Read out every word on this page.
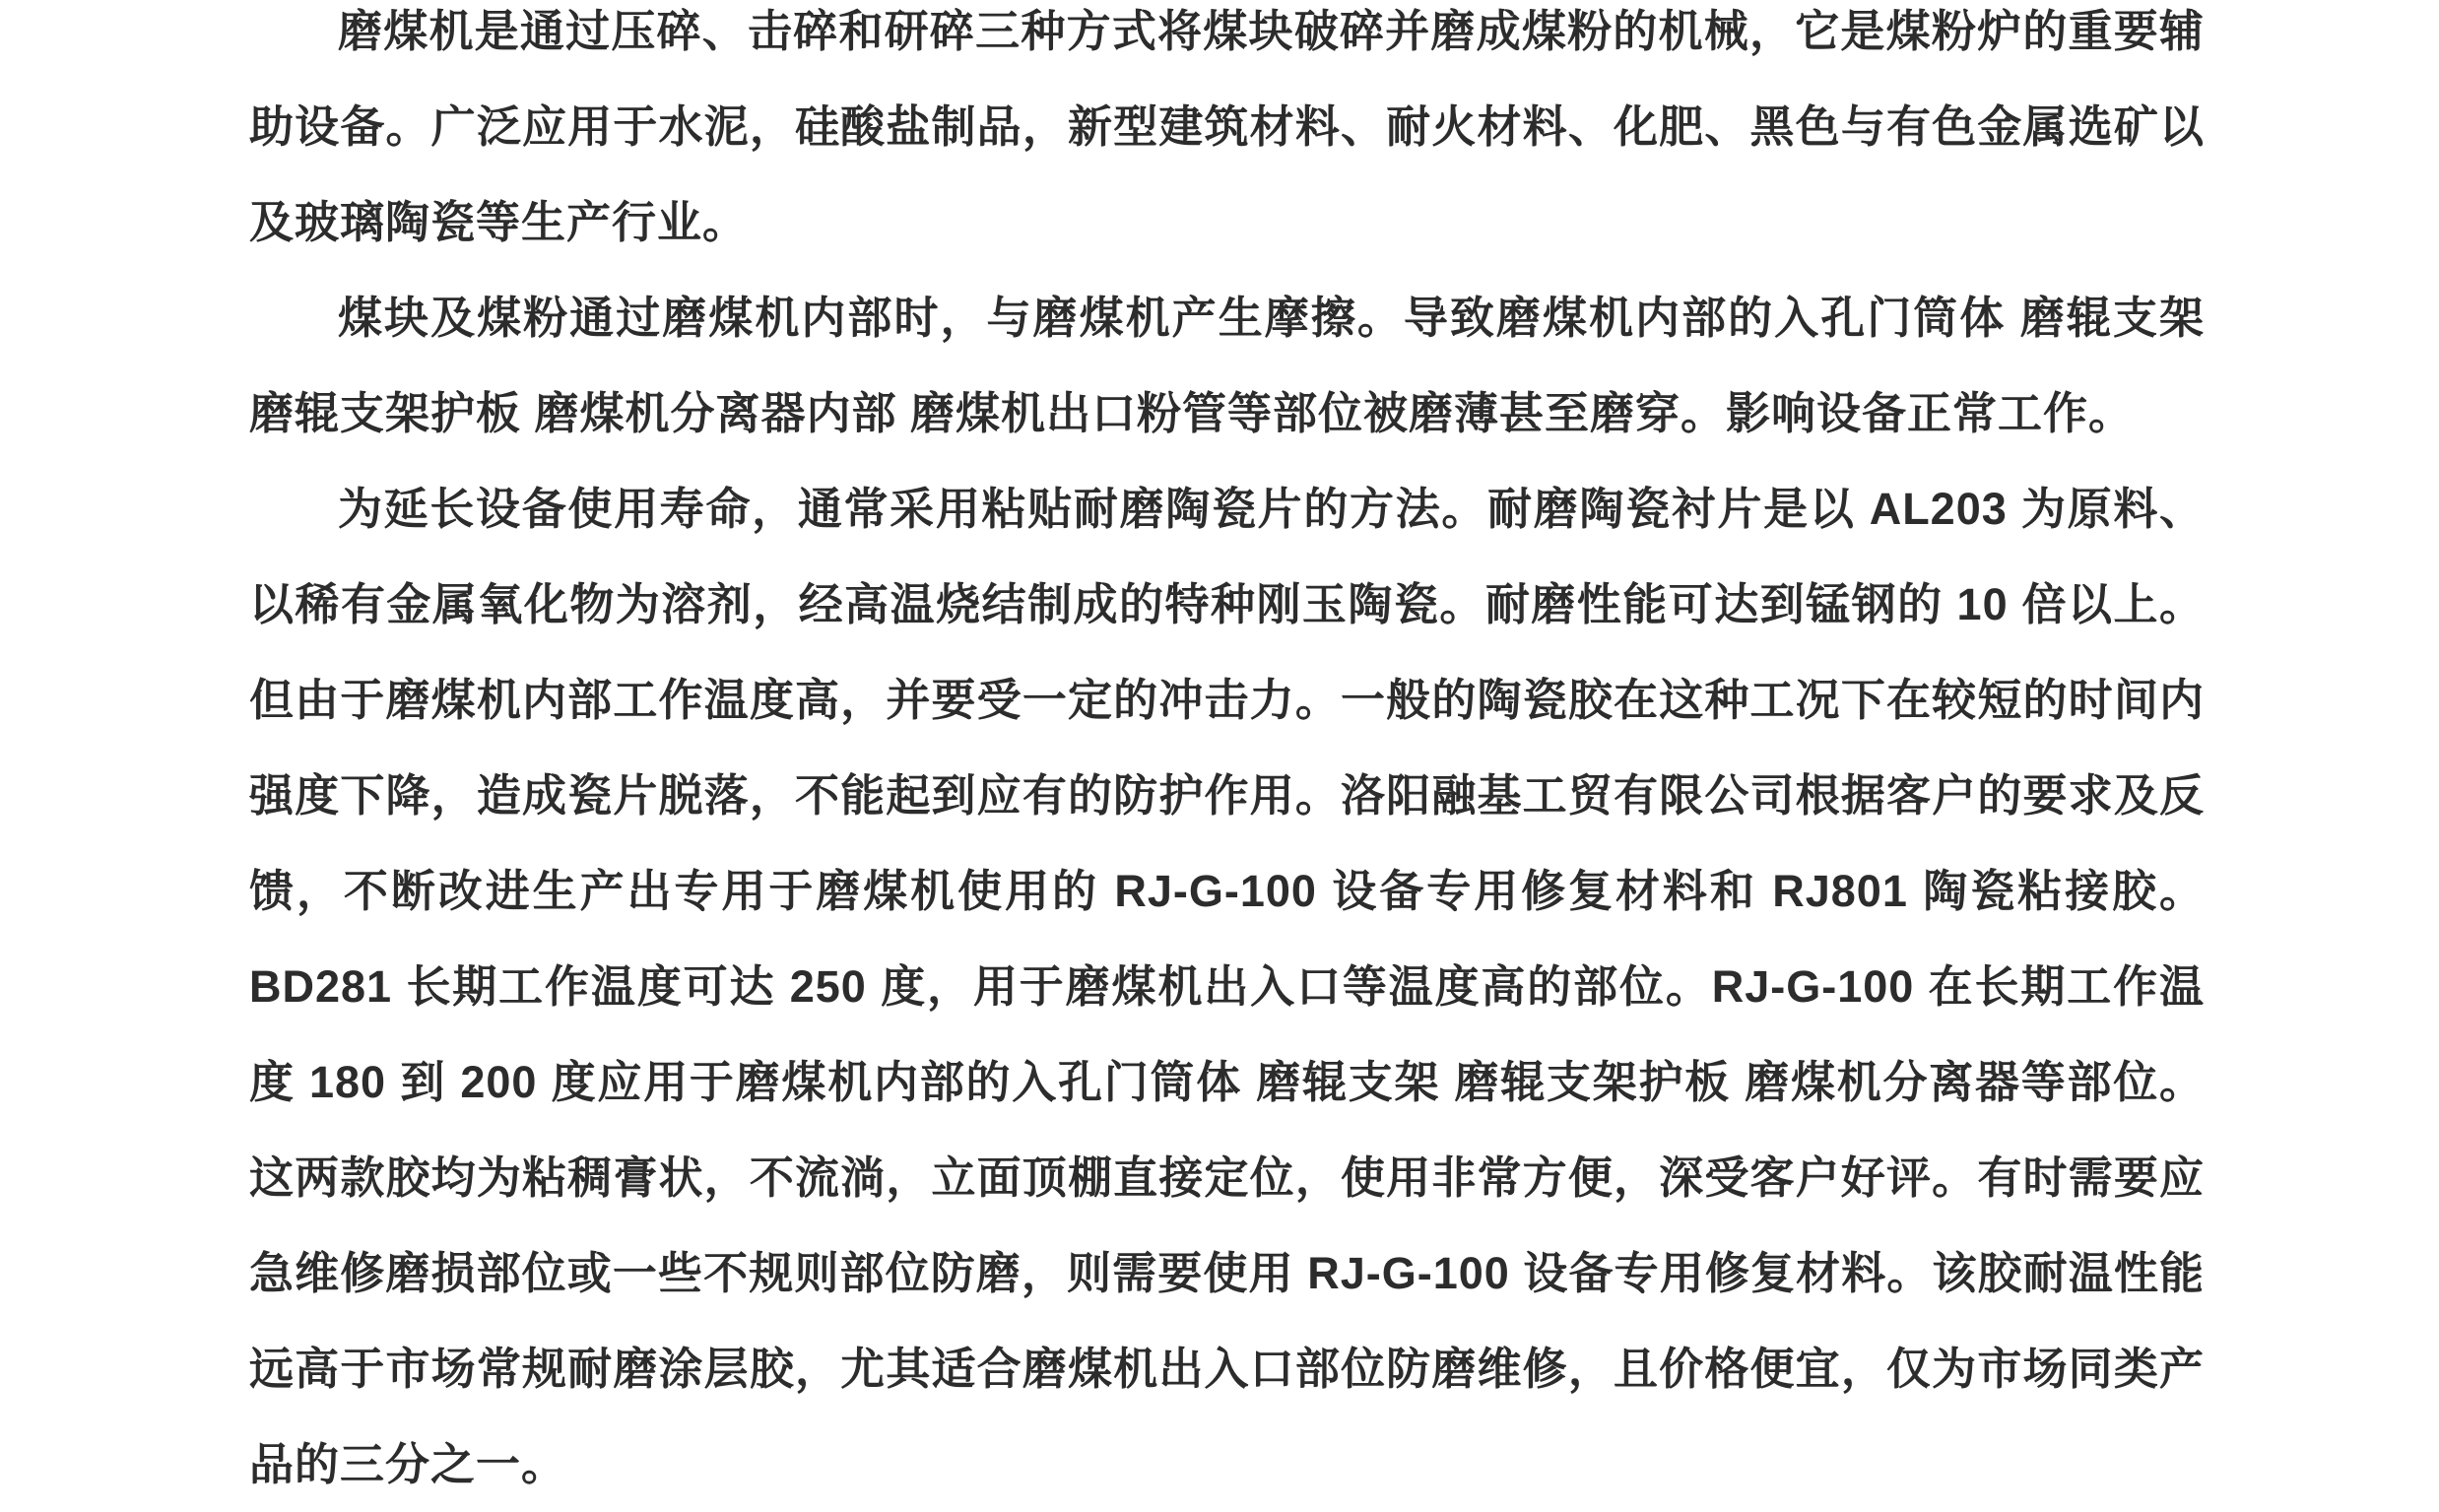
磨煤机是通过压碎、击碎和研碎三种方式将煤块破碎并磨成煤粉的机械，它是煤粉炉的重要辅助设备。广泛应用于水泥，硅酸盐制品，新型建筑材料、耐火材料、化肥、黑色与有色金属选矿以及玻璃陶瓷等生产行业。

煤块及煤粉通过磨煤机内部时，与磨煤机产生摩擦。导致磨煤机内部的入孔门筒体 磨辊支架 磨辊支架护板 磨煤机分离器内部 磨煤机出口粉管等部位被磨薄甚至磨穿。影响设备正常工作。

为延长设备使用寿命，通常采用粘贴耐磨陶瓷片的方法。耐磨陶瓷衬片是以 AL203 为原料、以稀有金属氧化物为溶剂，经高温烧结制成的特种刚玉陶瓷。耐磨性能可达到锰钢的 10 倍以上。但由于磨煤机内部工作温度高，并要受一定的冲击力。一般的陶瓷胶在这种工况下在较短的时间内强度下降，造成瓷片脱落，不能起到应有的防护作用。洛阳融基工贸有限公司根据客户的要求及反馈，不断改进生产出专用于磨煤机使用的 RJ-G-100 设备专用修复材料和 RJ801 陶瓷粘接胶。BD281 长期工作温度可达 250 度，用于磨煤机出入口等温度高的部位。RJ-G-100 在长期工作温度 180 到 200 度应用于磨煤机内部的入孔门筒体 磨辊支架 磨辊支架护板 磨煤机分离器等部位。这两款胶均为粘稠膏状，不流淌，立面顶棚直接定位，使用非常方便，深受客户好评。有时需要应急维修磨损部位或一些不规则部位防磨，则需要使用 RJ-G-100 设备专用修复材料。该胶耐温性能远高于市场常规耐磨涂层胶，尤其适合磨煤机出入口部位防磨维修，且价格便宜，仅为市场同类产品的三分之一。
